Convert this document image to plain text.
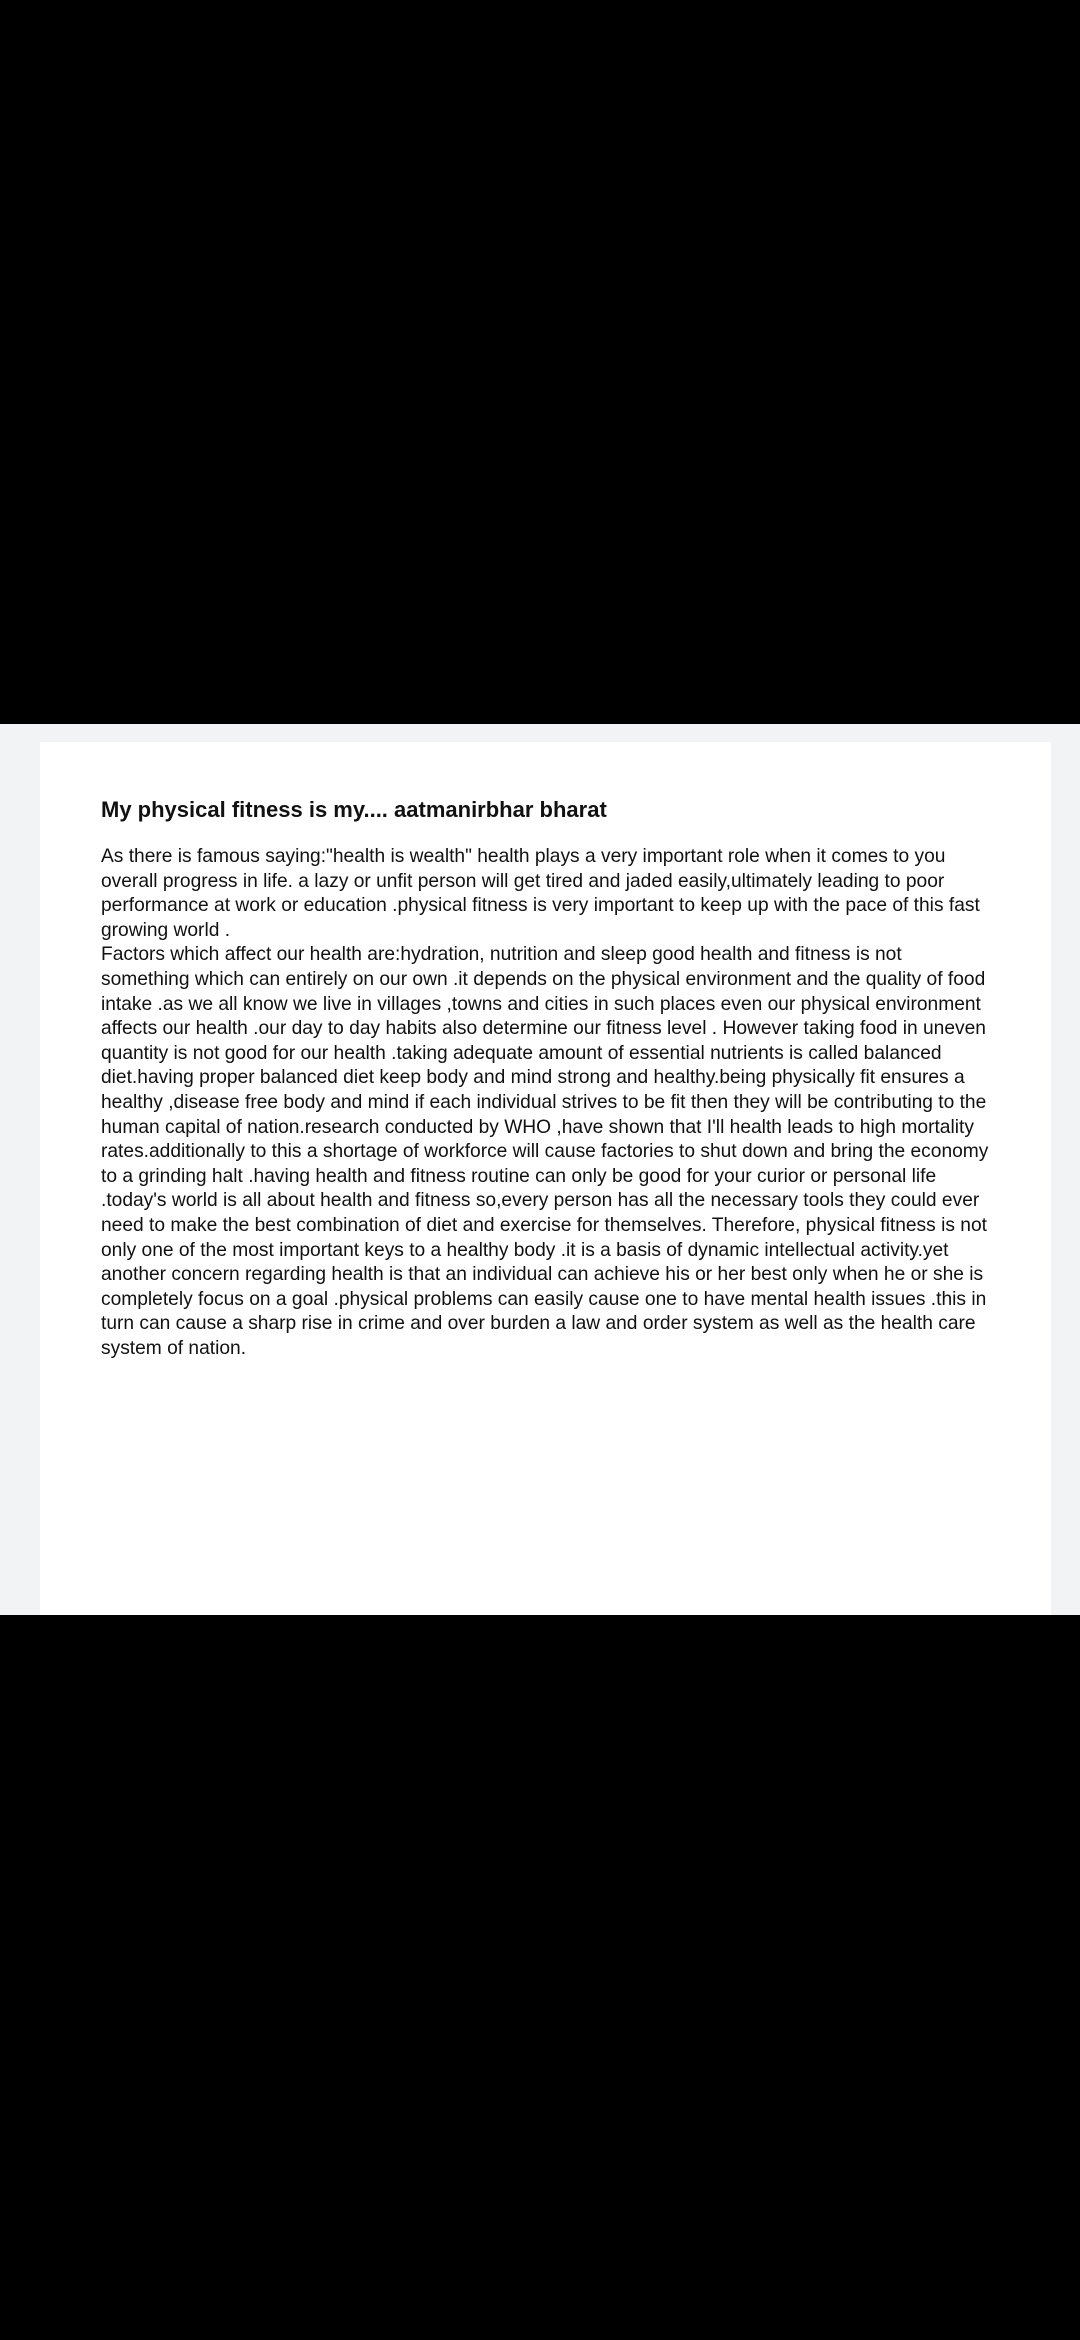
My physical fitness is my.... aatmanirbhar bharat

As there is famous saying:"health is wealth" health plays a very important role when it comes to you overall progress in life. a lazy or unfit person will get tired and jaded easily,ultimately leading to poor performance at work or education .physical fitness is very important to keep up with the pace of this fast growing world .

Factors which affect our health are:hydration, nutrition and sleep good health and fitness is not something which can entirely on our own .it depends on the physical environment and the quality of food intake .as we all know we live in villages ,towns and cities in such places even our physical environment affects our health .our day to day habits also determine our fitness level . However taking food in uneven quantity is not good for our health .taking adequate amount of essential nutrients is called balanced diet.having proper balanced diet keep body and mind strong and healthy.being physically fit ensures a healthy ,disease free body and mind if each individual strives to be fit then they will be contributing to the human capital of nation.research conducted by WHO ,have shown that I'll health leads to high mortality rates.additionally to this a shortage of workforce will cause factories to shut down and bring the economy to a grinding halt .having health and fitness routine can only be good for your curior or personal life .today's world is all about health and fitness so,every person has all the necessary tools they could ever need to make the best combination of diet and exercise for themselves. Therefore, physical fitness is not only one of the most important keys to a healthy body .it is a basis of dynamic intellectual activity.yet another concern regarding health is that an individual can achieve his or her best only when he or she is completely focus on a goal .physical problems can easily cause one to have mental health issues .this in turn can cause a sharp rise in crime and over burden a law and order system as well as the health care system of nation.
